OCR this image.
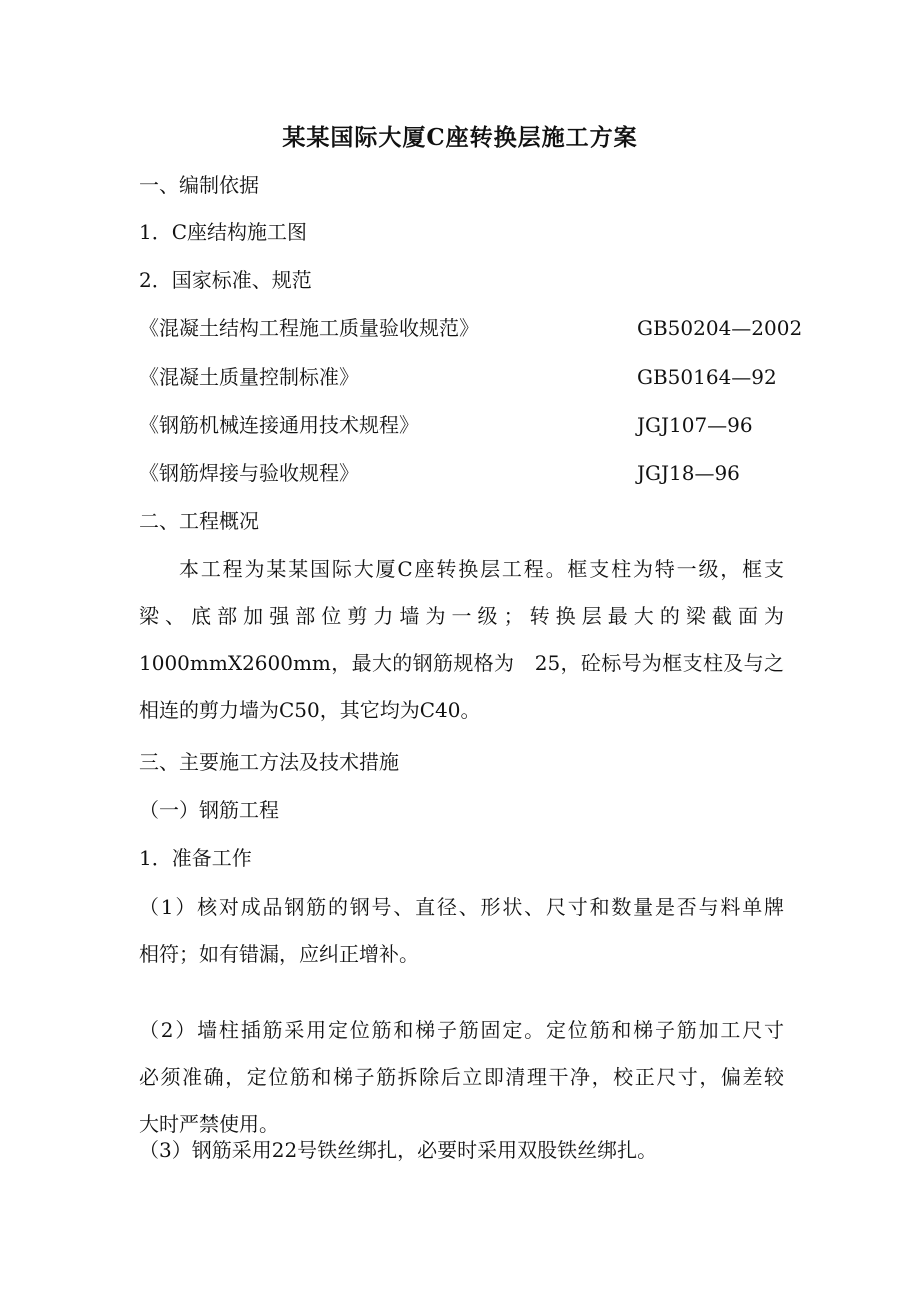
某某国际大厦C座转换层施工方案
一、编制依据
1．C座结构施工图
2．国家标准、规范
《混凝土结构工程施工质量验收规范》	GB50204—2002
《混凝土质量控制标准》	GB50164—92
《钢筋机械连接通用技术规程》	JGJ107—96
《钢筋焊接与验收规程》	JGJ18—96
二、工程概况
本工程为某某国际大厦C座转换层工程。框支柱为特一级，框支
梁、底部加强部位剪力墙为一级；转换层最大的梁截面为
1000mmX2600mm，最大的钢筋规格为　25，砼标号为框支柱及与之
相连的剪力墙为C50，其它均为C40。
三、主要施工方法及技术措施
（一）钢筋工程
1．准备工作
（1）核对成品钢筋的钢号、直径、形状、尺寸和数量是否与料单牌
相符；如有错漏，应纠正增补。
（2）墙柱插筋采用定位筋和梯子筋固定。定位筋和梯子筋加工尺寸
必须准确，定位筋和梯子筋拆除后立即清理干净，校正尺寸，偏差较
大时严禁使用。
（3）钢筋采用22号铁丝绑扎，必要时采用双股铁丝绑扎。
